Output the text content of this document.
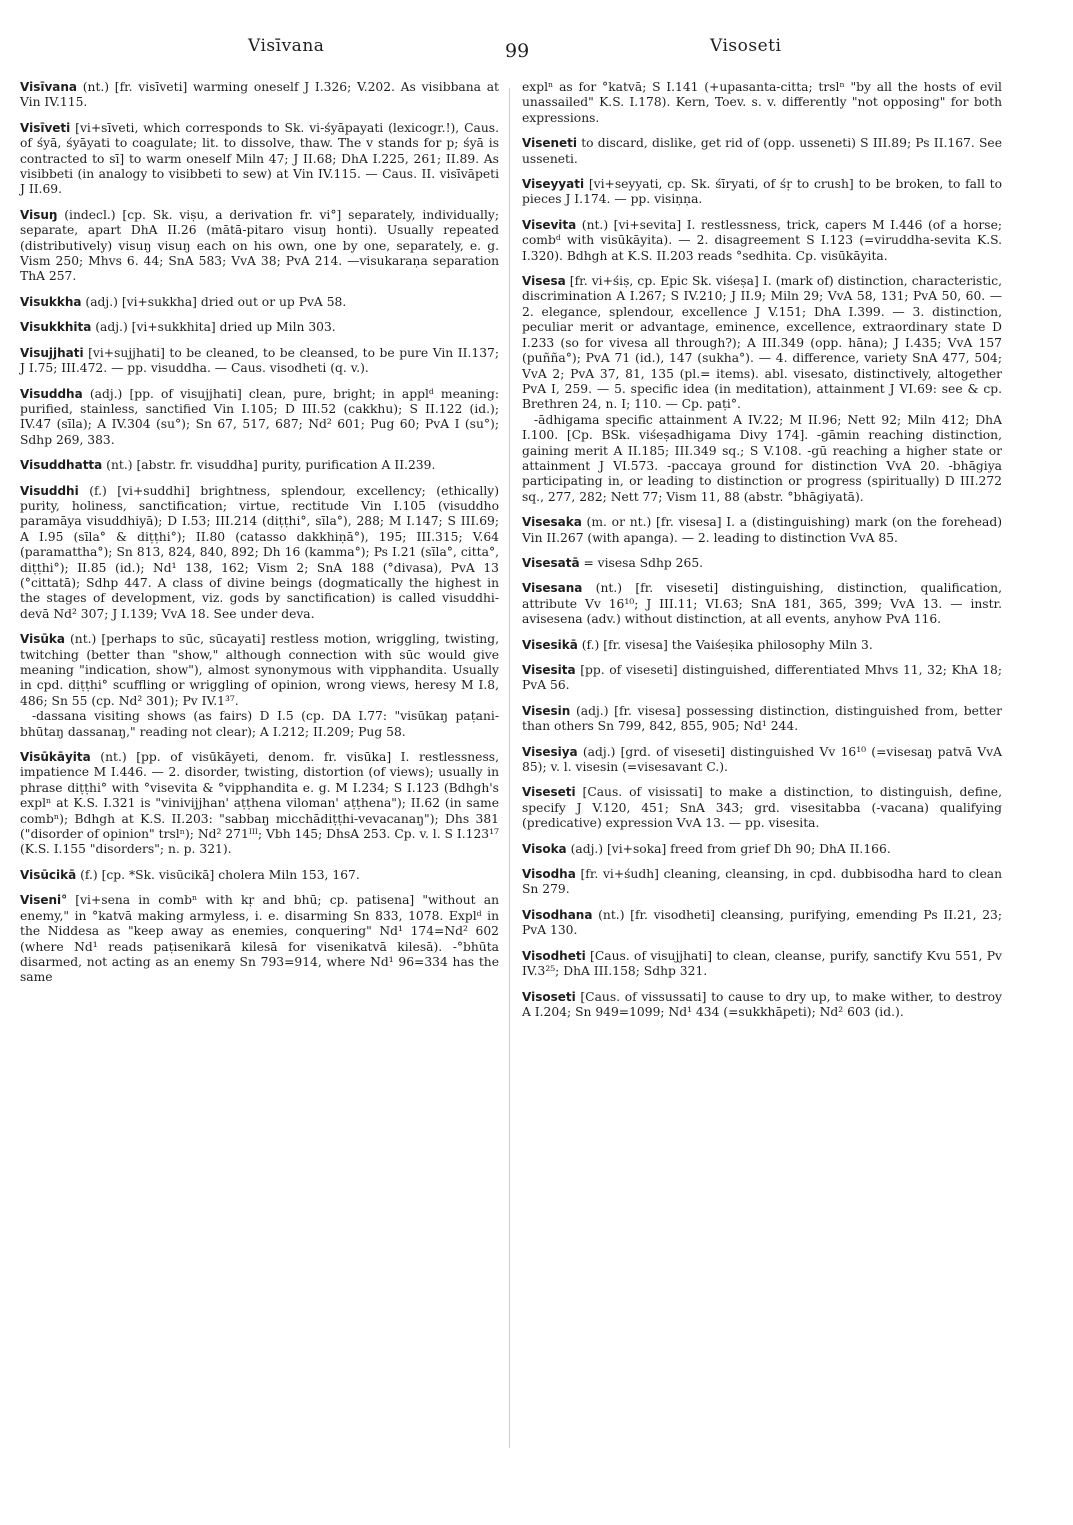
Visīvana	99	Visoseti

Visīvana (nt.) [fr. visīveti] warming oneself J I.326; V.202. As visibbana at Vin IV.115.

Visīveti [vi+sīveti, which corresponds to Sk. vi-śyāpayati (lexicogr.!), Caus. of śyā, śyāyati to coagulate; lit. to dissolve, thaw. The v stands for p; śyā is contracted to sī] to warm oneself Miln 47; J II.68; DhA I.225, 261; II.89. As visibbeti (in analogy to visibbeti to sew) at Vin IV.115. — Caus. II. visīvāpeti J II.69.

Visuŋ (indecl.) [cp. Sk. viṣu, a derivation fr. vi°] separately, individually; separate, apart DhA II.26 (mātā-pitaro visuŋ honti). Usually repeated (distributively) visuŋ visuŋ each on his own, one by one, separately, e. g. Vism 250; Mhvs 6. 44; SnA 583; VvA 38; PvA 214. —visukaraṇa separation ThA 257.

Visukkha (adj.) [vi+sukkha] dried out or up PvA 58.

Visukkhita (adj.) [vi+sukkhita] dried up Miln 303.

Visujjhati [vi+sujjhati] to be cleaned, to be cleansed, to be pure Vin II.137; J I.75; III.472. — pp. visuddha. — Caus. visodheti (q. v.).

Visuddha (adj.) [pp. of visujjhati] clean, pure, bright; in applᵈ meaning: purified, stainless, sanctified Vin I.105; D III.52 (cakkhu); S II.122 (id.); IV.47 (sīla); A IV.304 (su°); Sn 67, 517, 687; Nd² 601; Pug 60; PvA I (su°); Sdhp 269, 383.

Visuddhatta (nt.) [abstr. fr. visuddha] purity, purification A II.239.

Visuddhi (f.) [vi+suddhi] brightness, splendour, excellency; (ethically) purity, holiness, sanctification; virtue, rectitude Vin I.105 (visuddho paramāya visuddhiyā); D I.53; III.214 (diṭṭhi°, sīla°), 288; M I.147; S III.69; A I.95 (sīla° & diṭṭhi°); II.80 (catasso dakkhiṇā°), 195; III.315; V.64 (paramattha°); Sn 813, 824, 840, 892; Dh 16 (kamma°); Ps I.21 (sīla°, citta°, diṭṭhi°); II.85 (id.); Nd¹ 138, 162; Vism 2; SnA 188 (°divasa), PvA 13 (°cittatā); Sdhp 447. A class of divine beings (dogmatically the highest in the stages of development, viz. gods by sanctification) is called visuddhi-devā Nd² 307; J I.139; VvA 18. See under deva.

Visūka (nt.) [perhaps to sūc, sūcayati] restless motion, wriggling, twisting, twitching (better than "show," although connection with sūc would give meaning "indication, show"), almost synonymous with vipphandita. Usually in cpd. diṭṭhi° scuffling or wriggling of opinion, wrong views, heresy M I.8, 486; Sn 55 (cp. Nd² 301); Pv IV.1³⁷.

-dassana visiting shows (as fairs) D I.5 (cp. DA I.77: "visūkaŋ paṭani-bhūtaŋ dassanaŋ," reading not clear); A I.212; II.209; Pug 58.

Visūkāyita (nt.) [pp. of visūkāyeti, denom. fr. visūka] I. restlessness, impatience M I.446. — 2. disorder, twisting, distortion (of views); usually in phrase diṭṭhi° with °visevita & °vipphandita e. g. M I.234; S I.123 (Bdhgh's explⁿ at K.S. I.321 is "vinivijjhan' aṭṭhena viloman' aṭṭhena"); II.62 (in same combⁿ); Bdhgh at K.S. II.203: "sabbaŋ micchādiṭṭhi-vevacanaŋ"); Dhs 381 ("disorder of opinion" trslⁿ); Nd² 271ᴵᴵᴵ; Vbh 145; DhsA 253. Cp. v. l. S I.123¹⁷ (K.S. I.155 "disorders"; n. p. 321).

Visūcikā (f.) [cp. *Sk. visūcikā] cholera Miln 153, 167.

Viseni° [vi+sena in combⁿ with kṛ and bhū; cp. patisena] "without an enemy," in °katvā making armyless, i. e. disarming Sn 833, 1078. Explᵈ in the Niddesa as "keep away as enemies, conquering" Nd¹ 174=Nd² 602 (where Nd¹ reads paṭisenikarā kilesā for visenikatvā kilesā). -°bhūta disarmed, not acting as an enemy Sn 793=914, where Nd¹ 96=334 has the same

explⁿ as for °katvā; S I.141 (+upasanta-citta; trslⁿ "by all the hosts of evil unassailed" K.S. I.178). Kern, Toev. s. v. differently "not opposing" for both expressions.

Viseneti to discard, dislike, get rid of (opp. usseneti) S III.89; Ps II.167. See usseneti.

Viseyyati [vi+seyyati, cp. Sk. śīryati, of śṛ to crush] to be broken, to fall to pieces J I.174. — pp. visiṇṇa.

Visevita (nt.) [vi+sevita] I. restlessness, trick, capers M I.446 (of a horse; combᵈ with visūkāyita). — 2. disagreement S I.123 (=viruddha-sevita K.S. I.320). Bdhgh at K.S. II.203 reads °sedhita. Cp. visūkāyita.

Visesa [fr. vi+śiṣ, cp. Epic Sk. viśeṣa] I. (mark of) distinction, characteristic, discrimination A I.267; S IV.210; J II.9; Miln 29; VvA 58, 131; PvA 50, 60. — 2. elegance, splendour, excellence J V.151; DhA I.399. — 3. distinction, peculiar merit or advantage, eminence, excellence, extraordinary state D I.233 (so for vivesa all through?); A III.349 (opp. hāna); J I.435; VvA 157 (puñña°); PvA 71 (id.), 147 (sukha°). — 4. difference, variety SnA 477, 504; VvA 2; PvA 37, 81, 135 (pl.= items). abl. visesato, distinctively, altogether PvA I, 259. — 5. specific idea (in meditation), attainment J VI.69: see & cp. Brethren 24, n. I; 110. — Cp. paṭi°.

-ādhigama specific attainment A IV.22; M II.96; Nett 92; Miln 412; DhA I.100. [Cp. BSk. viśeṣadhigama Divy 174]. -gāmin reaching distinction, gaining merit A II.185; III.349 sq.; S V.108. -gū reaching a higher state or attainment J VI.573. -paccaya ground for distinction VvA 20. -bhāgiya participating in, or leading to distinction or progress (spiritually) D III.272 sq., 277, 282; Nett 77; Vism 11, 88 (abstr. °bhāgiyatā).

Visesaka (m. or nt.) [fr. visesa] I. a (distinguishing) mark (on the forehead) Vin II.267 (with apanga). — 2. leading to distinction VvA 85.

Visesatā = visesa Sdhp 265.

Visesana (nt.) [fr. viseseti] distinguishing, distinction, qualification, attribute Vv 16¹⁰; J III.11; VI.63; SnA 181, 365, 399; VvA 13. — instr. avisesena (adv.) without distinction, at all events, anyhow PvA 116.

Visesikā (f.) [fr. visesa] the Vaiśeṣika philosophy Miln 3.

Visesita [pp. of viseseti] distinguished, differentiated Mhvs 11, 32; KhA 18; PvA 56.

Visesin (adj.) [fr. visesa] possessing distinction, distinguished from, better than others Sn 799, 842, 855, 905; Nd¹ 244.

Visesiya (adj.) [grd. of viseseti] distinguished Vv 16¹⁰ (=visesaŋ patvā VvA 85); v. l. visesin (=visesavant C.).

Viseseti [Caus. of visissati] to make a distinction, to distinguish, define, specify J V.120, 451; SnA 343; grd. visesitabba (-vacana) qualifying (predicative) expression VvA 13. — pp. visesita.

Visoka (adj.) [vi+soka] freed from grief Dh 90; DhA II.166.

Visodha [fr. vi+śudh] cleaning, cleansing, in cpd. dubbisodha hard to clean Sn 279.

Visodhana (nt.) [fr. visodheti] cleansing, purifying, emending Ps II.21, 23; PvA 130.

Visodheti [Caus. of visujjhati] to clean, cleanse, purify, sanctify Kvu 551, Pv IV.3²⁵; DhA III.158; Sdhp 321.

Visoseti [Caus. of vissussati] to cause to dry up, to make wither, to destroy A I.204; Sn 949=1099; Nd¹ 434 (=sukkhāpeti); Nd² 603 (id.).
